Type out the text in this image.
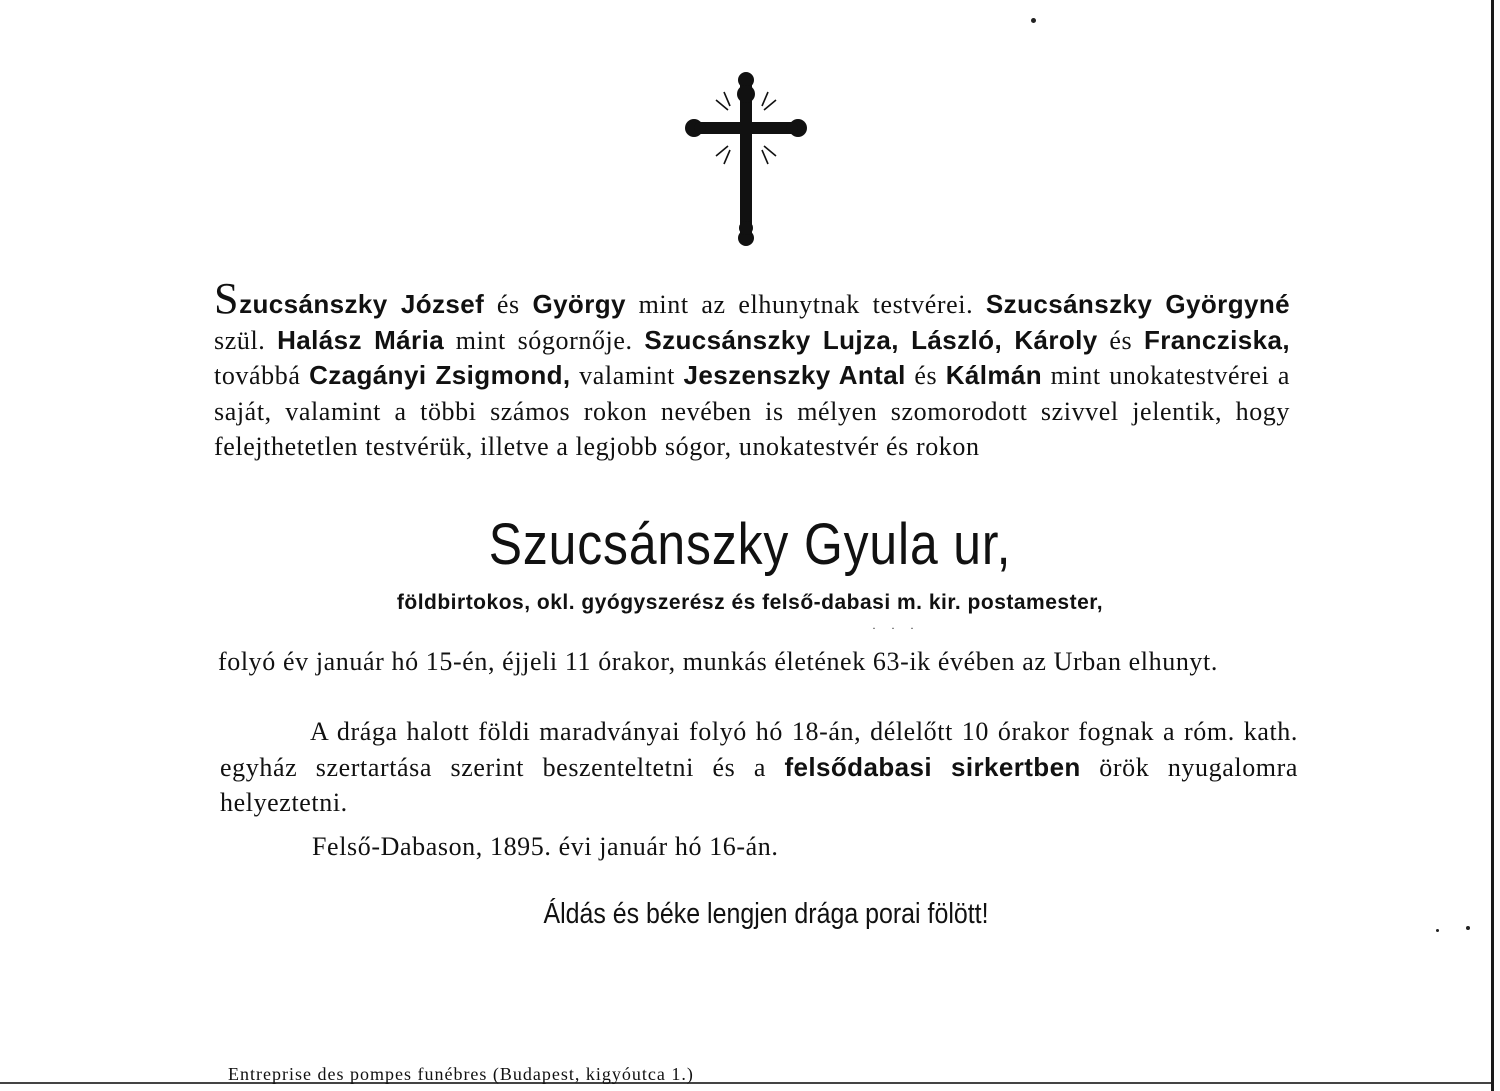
Szucsánszky József és György mint az elhunytnak testvérei. Szucsánszky Györgyné szül. Halász Mária mint sógornője. Szucsánszky Lujza, László, Károly és Francziska, továbbá Czagányi Zsigmond, valamint Jeszenszky Antal és Kálmán mint unokatestvérei a saját, valamint a többi számos rokon nevében is mélyen szomorodott szivvel jelentik, hogy felejthetetlen testvérük, illetve a legjobb sógor, unokatestvér és rokon

Szucsánszky Gyula ur,
földbirtokos, okl. gyógyszerész és felső-dabasi m. kir. postamester,
· · ·

folyó év január hó 15-én, éjjeli 11 órakor, munkás életének 63-ik évében az Urban elhunyt.

A drága halott földi maradványai folyó hó 18-án, délelőtt 10 órakor fognak a róm. kath. egyház szertartása szerint beszenteltetni és a felsődabasi sirkertben örök nyugalomra helyeztetni.

Felső-Dabason, 1895. évi január hó 16-án.
Áldás és béke lengjen drága porai fölött!
Entreprise des pompes funébres (Budapest, kigyóutca 1.)
